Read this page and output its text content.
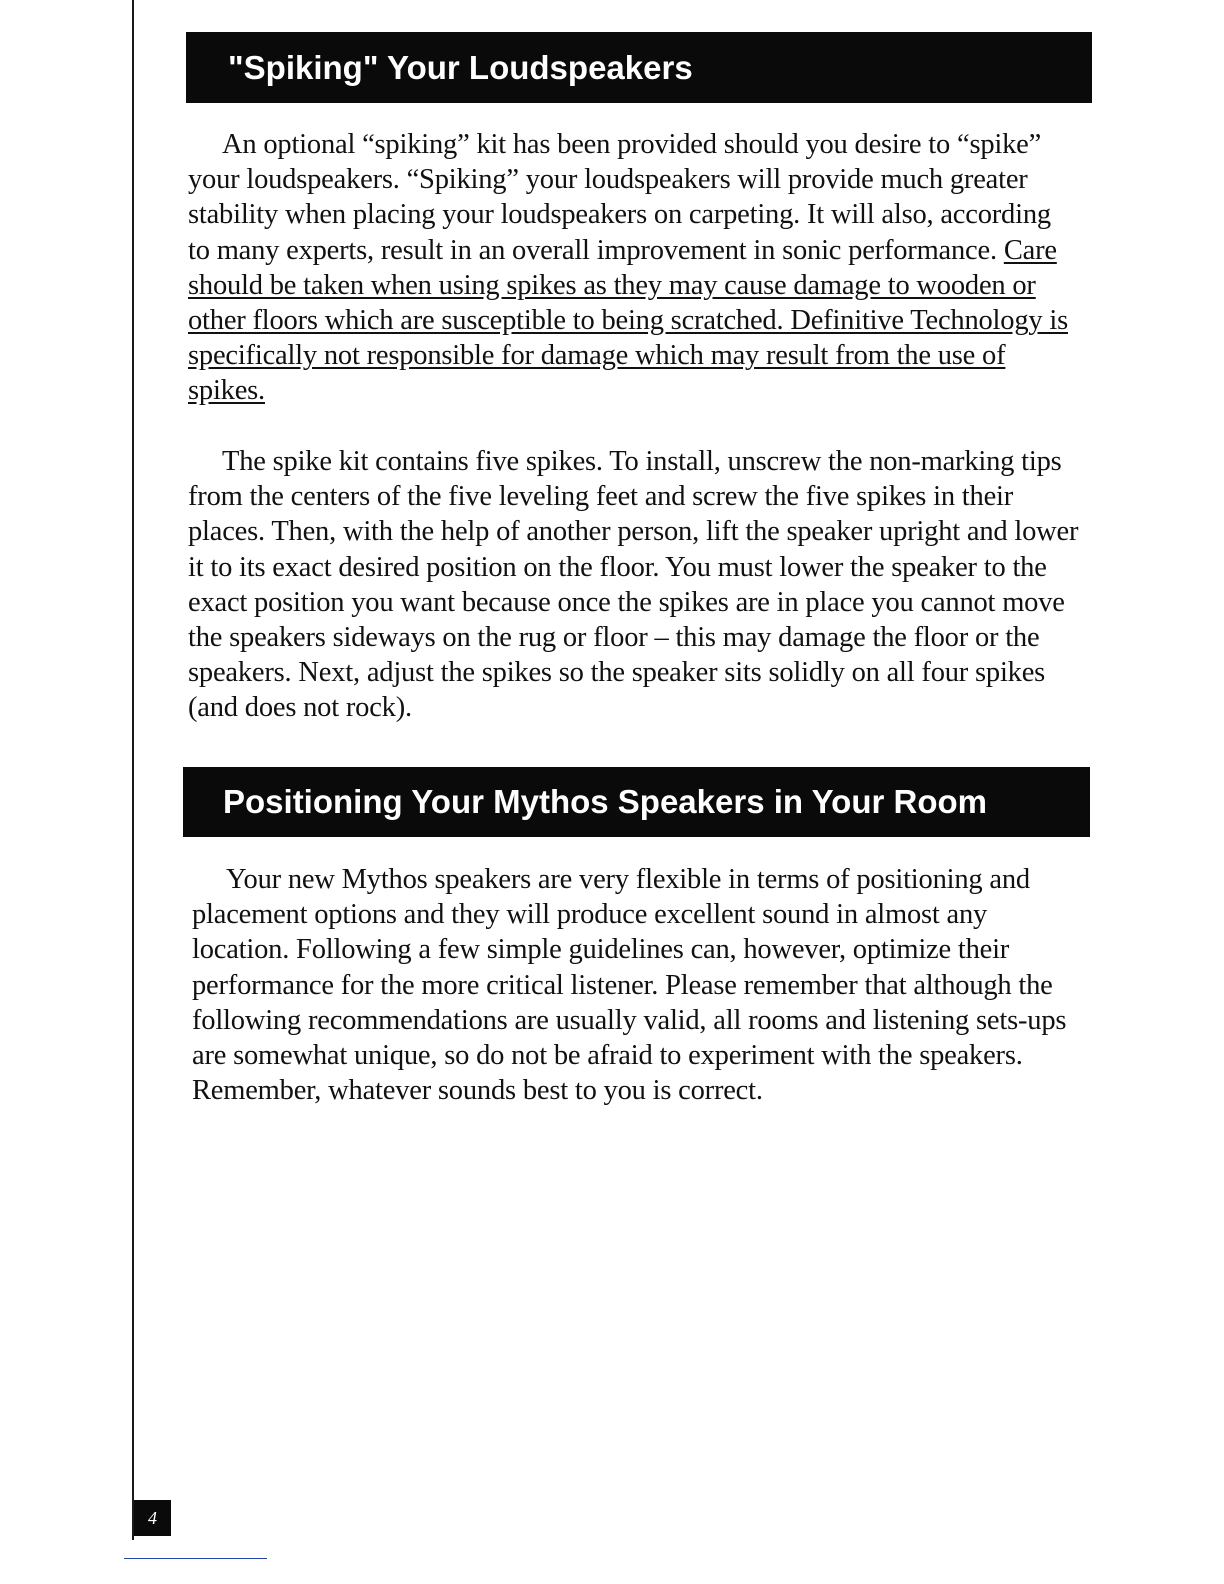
"Spiking" Your Loudspeakers

An optional “spiking” kit has been provided should you desire to “spike” your loudspeakers. “Spiking” your loudspeakers will provide much greater stability when placing your loudspeakers on carpeting. It will also, according to many experts, result in an overall improvement in sonic performance. Care should be taken when using spikes as they may cause damage to wooden or other floors which are susceptible to being scratched. Definitive Technology is specifically not responsible for damage which may result from the use of spikes.

The spike kit contains five spikes. To install, unscrew the non-marking tips from the centers of the five leveling feet and screw the five spikes in their places. Then, with the help of another person, lift the speaker upright and lower it to its exact desired position on the floor. You must lower the speaker to the exact position you want because once the spikes are in place you cannot move the speakers sideways on the rug or floor – this may damage the floor or the speakers. Next, adjust the spikes so the speaker sits solidly on all four spikes (and does not rock).

Positioning Your Mythos Speakers in Your Room

Your new Mythos speakers are very flexible in terms of positioning and placement options and they will produce excellent sound in almost any location. Following a few simple guidelines can, however, optimize their performance for the more critical listener. Please remember that although the following recommendations are usually valid, all rooms and listening sets-ups are somewhat unique, so do not be afraid to experiment with the speakers. Remember, whatever sounds best to you is correct.

4
